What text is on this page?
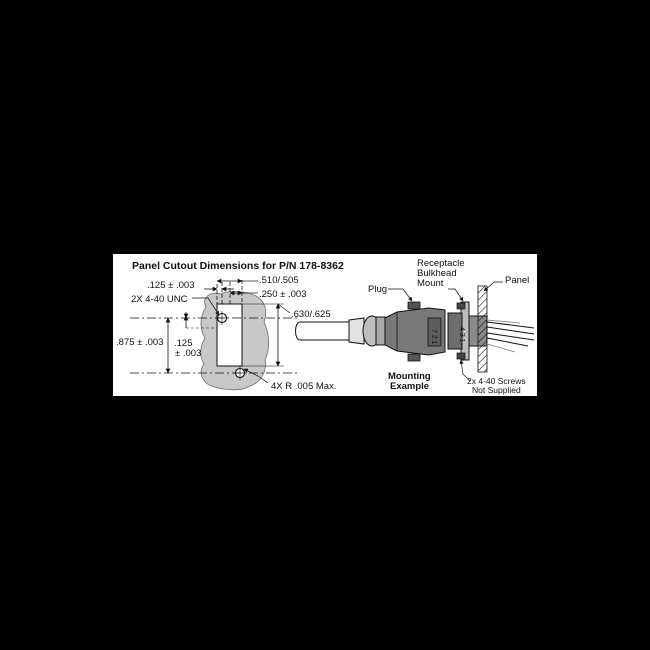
Panel Cutout Dimensions for P/N 178-8362
.125 ± .003
2X 4-40 UNC
.510/.505
.250 ± .003
.630/.625
.875 ± .003 .125
± .003
4X R .005 Max.
7 2 1	4 3 1
Plug
Receptacle
Bulkhead
Mount	Panel
Mounting
Example	2x 4-40 Screws
Not Supplied
